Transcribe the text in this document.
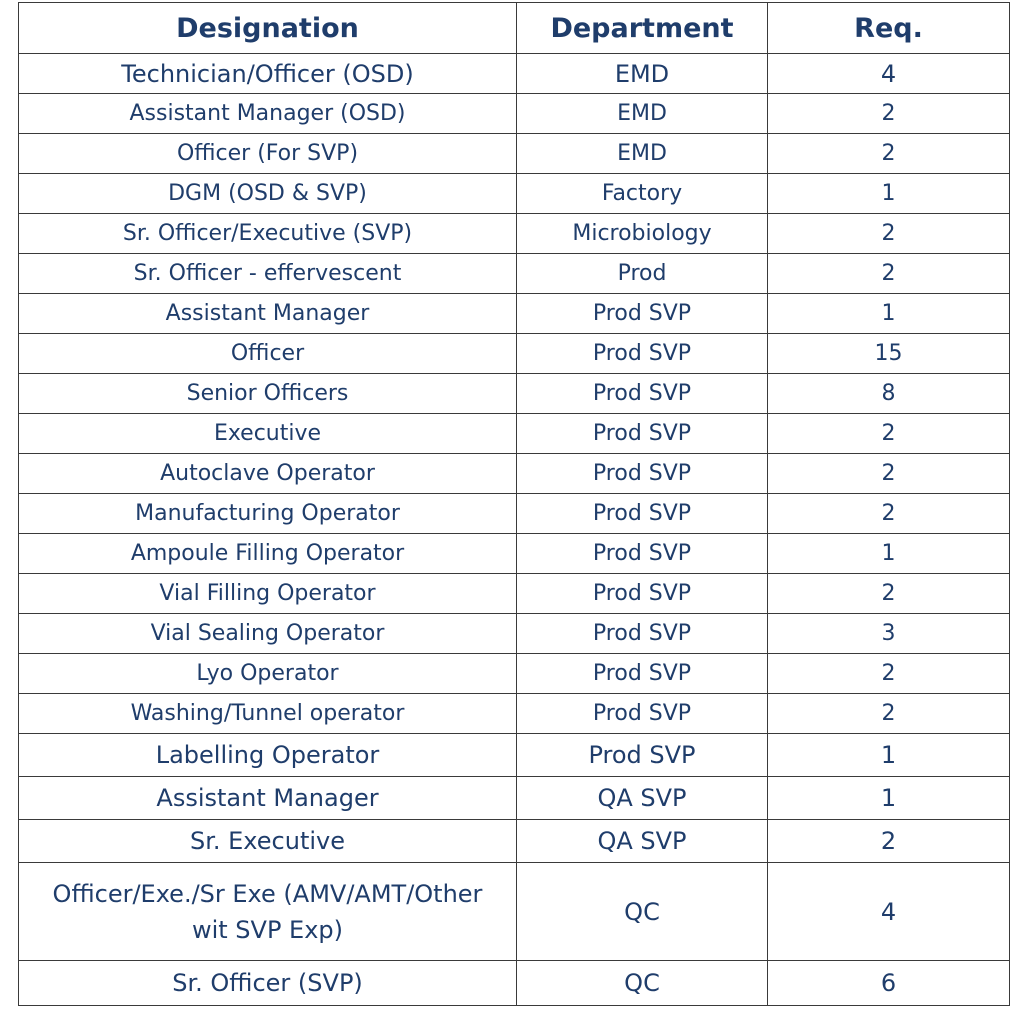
Designation	Department	Req.
Technician/Officer (OSD)	EMD	4
Assistant Manager (OSD)	EMD	2
Officer (For SVP)	EMD	2
DGM (OSD & SVP)	Factory	1
Sr. Officer/Executive (SVP)	Microbiology	2
Sr. Officer - effervescent	Prod	2
Assistant Manager	Prod SVP	1
Officer	Prod SVP	15
Senior Officers	Prod SVP	8
Executive	Prod SVP	2
Autoclave Operator	Prod SVP	2
Manufacturing Operator	Prod SVP	2
Ampoule Filling Operator	Prod SVP	1
Vial Filling Operator	Prod SVP	2
Vial Sealing Operator	Prod SVP	3
Lyo Operator	Prod SVP	2
Washing/Tunnel operator	Prod SVP	2
Labelling Operator	Prod SVP	1
Assistant Manager	QA SVP	1
Sr. Executive	QA SVP	2
Officer/Exe./Sr Exe (AMV/AMT/Other wit SVP Exp)	QC	4
Sr. Officer (SVP)	QC	6
